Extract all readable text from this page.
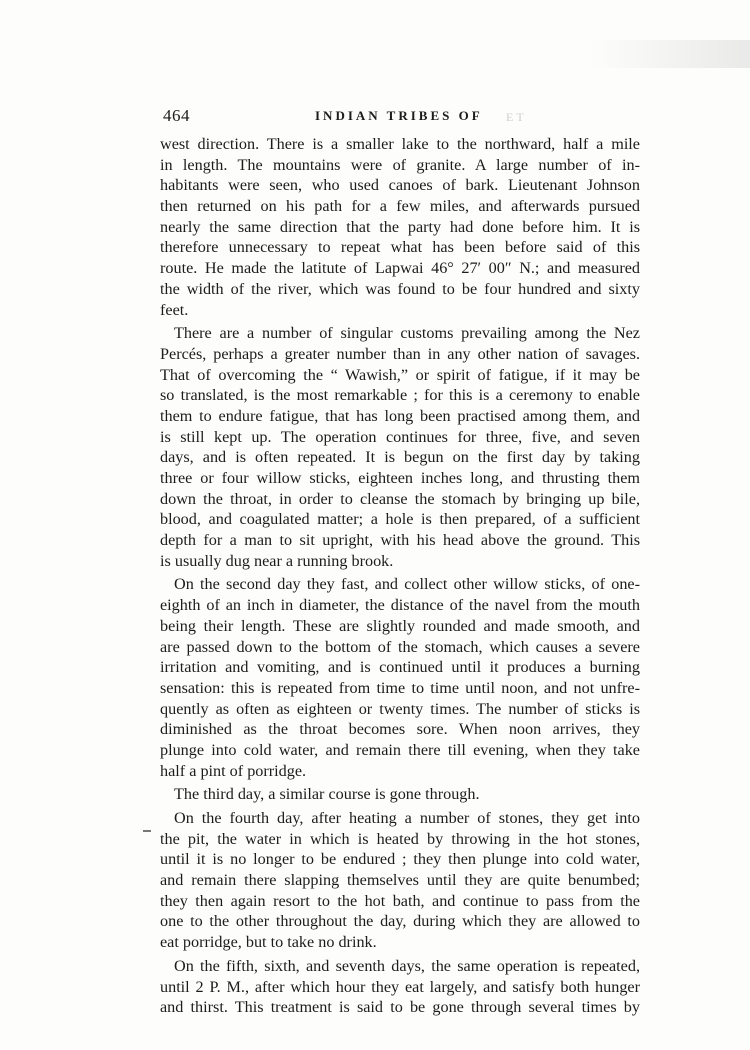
464	INDIAN TRIBES OF ET
west direction. There is a smaller lake to the northward, half a mile
in length. The mountains were of granite. A large number of in-
habitants were seen, who used canoes of bark. Lieutenant Johnson
then returned on his path for a few miles, and afterwards pursued
nearly the same direction that the party had done before him. It is
therefore unnecessary to repeat what has been before said of this
route. He made the latitute of Lapwai 46° 27′ 00″ N.; and measured
the width of the river, which was found to be four hundred and sixty
feet.
There are a number of singular customs prevailing among the Nez
Percés, perhaps a greater number than in any other nation of savages.
That of overcoming the “ Wawish,” or spirit of fatigue, if it may be
so translated, is the most remarkable ; for this is a ceremony to enable
them to endure fatigue, that has long been practised among them, and
is still kept up. The operation continues for three, five, and seven
days, and is often repeated. It is begun on the first day by taking
three or four willow sticks, eighteen inches long, and thrusting them
down the throat, in order to cleanse the stomach by bringing up bile,
blood, and coagulated matter; a hole is then prepared, of a sufficient
depth for a man to sit upright, with his head above the ground. This
is usually dug near a running brook.
On the second day they fast, and collect other willow sticks, of one-
eighth of an inch in diameter, the distance of the navel from the mouth
being their length. These are slightly rounded and made smooth, and
are passed down to the bottom of the stomach, which causes a severe
irritation and vomiting, and is continued until it produces a burning
sensation: this is repeated from time to time until noon, and not unfre-
quently as often as eighteen or twenty times. The number of sticks is
diminished as the throat becomes sore. When noon arrives, they
plunge into cold water, and remain there till evening, when they take
half a pint of porridge.
The third day, a similar course is gone through.
On the fourth day, after heating a number of stones, they get into
the pit, the water in which is heated by throwing in the hot stones,
until it is no longer to be endured ; they then plunge into cold water,
and remain there slapping themselves until they are quite benumbed;
they then again resort to the hot bath, and continue to pass from the
one to the other throughout the day, during which they are allowed to
eat porridge, but to take no drink.
On the fifth, sixth, and seventh days, the same operation is repeated,
until 2 P. M., after which hour they eat largely, and satisfy both hunger
and thirst. This treatment is said to be gone through several times by
